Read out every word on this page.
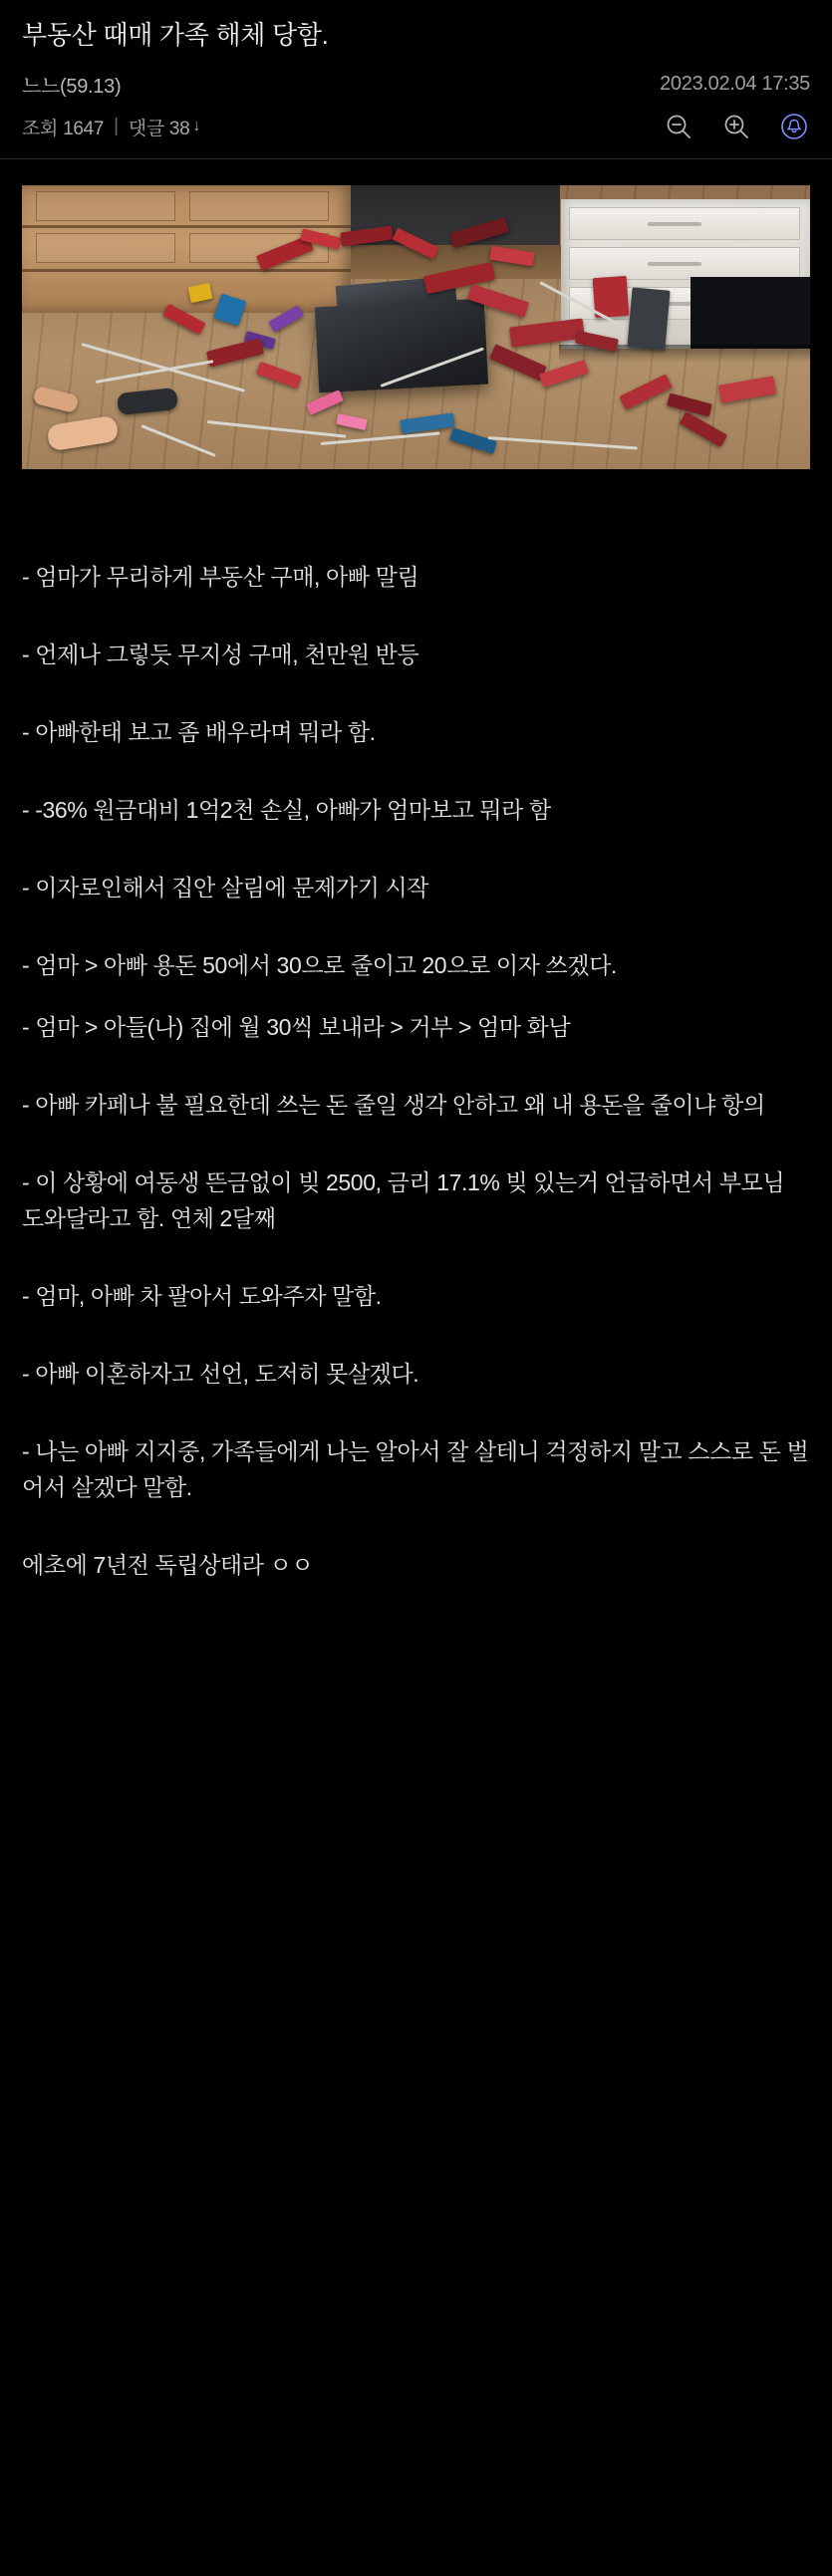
부동산 때매 가족 해체 당함.
느느(59.13)	2023.02.04 17:35
조회 1647 | 댓글 38 ↓

- 엄마가 무리하게 부동산 구매, 아빠 말림

- 언제나 그렇듯 무지성 구매, 천만원 반등

- 아빠한태 보고 좀 배우라며 뭐라 함.

- -36% 원금대비 1억2천 손실, 아빠가 엄마보고 뭐라 함

- 이자로인해서 집안 살림에 문제가기 시작

- 엄마 > 아빠 용돈 50에서 30으로 줄이고 20으로 이자 쓰겠다.

- 엄마 > 아들(나) 집에 월 30씩 보내라 > 거부 > 엄마 화남

- 아빠 카페나 불 필요한데 쓰는 돈 줄일 생각 안하고 왜 내 용돈을 줄이냐 항의

- 이 상황에 여동생 뜬금없이 빚 2500, 금리 17.1% 빚 있는거 언급하면서 부모님 도와달라고 함. 연체 2달째

- 엄마, 아빠 차 팔아서 도와주자 말함.

- 아빠 이혼하자고 선언, 도저히 못살겠다.

- 나는 아빠 지지중, 가족들에게 나는 알아서 잘 살테니 걱정하지 말고 스스로 돈 벌어서 살겠다 말함.

에초에 7년전 독립상태라 ㅇㅇ
